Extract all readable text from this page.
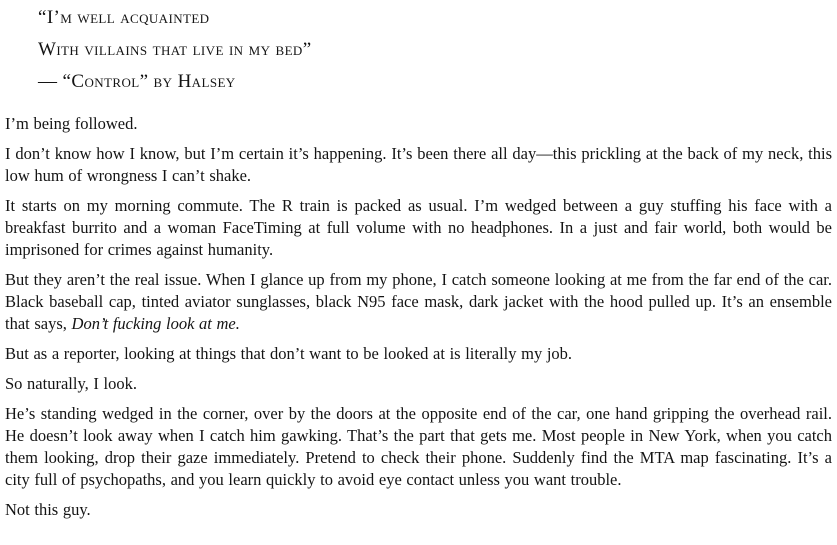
“I’m well acquainted

With villains that live in my bed”

— “Control” by Halsey

I’m being followed.

I don’t know how I know, but I’m certain it’s happening. It’s been there all day—this prickling at the back of my neck, this low hum of wrongness I can’t shake.

It starts on my morning commute. The R train is packed as usual. I’m wedged between a guy stuffing his face with a breakfast burrito and a woman FaceTiming at full volume with no headphones. In a just and fair world, both would be imprisoned for crimes against humanity.

But they aren’t the real issue. When I glance up from my phone, I catch someone looking at me from the far end of the car. Black baseball cap, tinted aviator sunglasses, black N95 face mask, dark jacket with the hood pulled up. It’s an ensemble that says, Don’t fucking look at me.

But as a reporter, looking at things that don’t want to be looked at is literally my job.

So naturally, I look.

He’s standing wedged in the corner, over by the doors at the opposite end of the car, one hand gripping the overhead rail. He doesn’t look away when I catch him gawking. That’s the part that gets me. Most people in New York, when you catch them looking, drop their gaze immediately. Pretend to check their phone. Suddenly find the MTA map fascinating. It’s a city full of psychopaths, and you learn quickly to avoid eye contact unless you want trouble.

Not this guy.
